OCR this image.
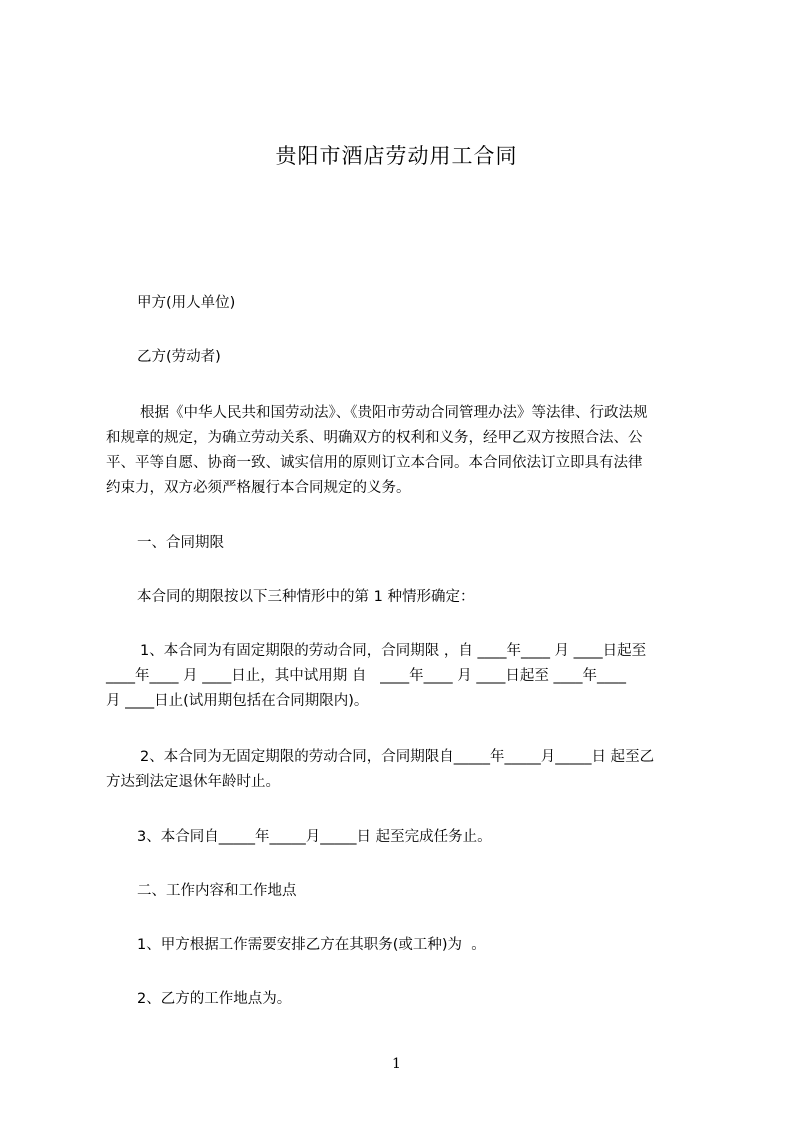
贵阳市酒店劳动用工合同
甲方(用人单位)
乙方(劳动者)
根据《中华人民共和国劳动法》、《贵阳市劳动合同管理办法》等法律、行政法规
和规章的规定，为确立劳动关系、明确双方的权利和义务，经甲乙双方按照合法、公
平、平等自愿、协商一致、诚实信用的原则订立本合同。本合同依法订立即具有法律
约束力，双方必须严格履行本合同规定的义务。
一、合同期限
本合同的期限按以下三种情形中的第 1 种情形确定：
1、本合同为有固定期限的劳动合同，合同期限 ，自 ____年____ 月 ____日起至
____年____ 月 ____日止，其中试用期 自   ____年____ 月 ____日起至 ____年____
月 ____日止(试用期包括在合同期限内)。
2、本合同为无固定期限的劳动合同，合同期限自_____年_____月_____日 起至乙
方达到法定退休年龄时止。
3、本合同自_____年_____月_____日 起至完成任务止。
二、工作内容和工作地点
1、甲方根据工作需要安排乙方在其职务(或工种)为  。
2、乙方的工作地点为。
1
